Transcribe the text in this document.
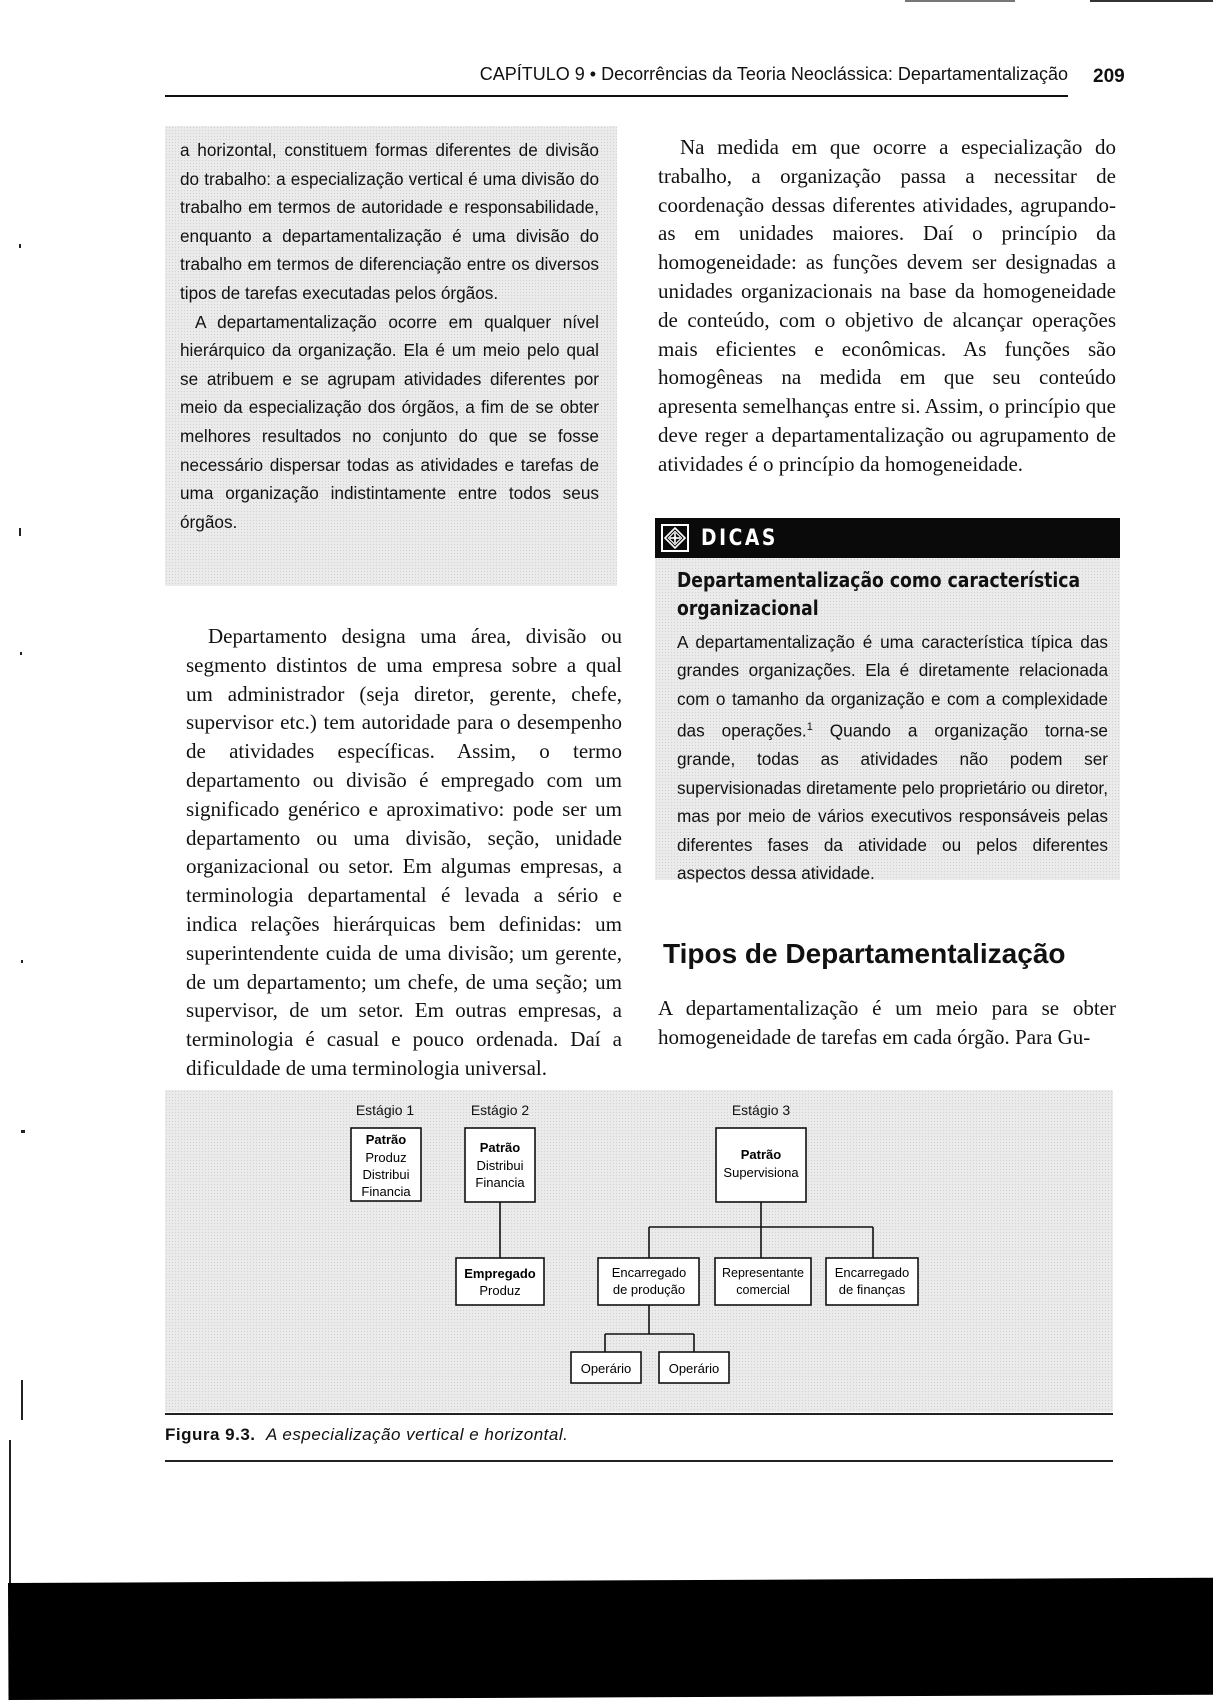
CAPÍTULO 9 • Decorrências da Teoria Neoclássica: Departamentalização 209

a horizontal, constituem formas diferentes de divisão do trabalho: a especialização vertical é uma divisão do trabalho em termos de autoridade e responsabilidade, enquanto a departamentalização é uma divisão do trabalho em termos de diferenciação entre os diversos tipos de tarefas executadas pelos órgãos.

A departamentalização ocorre em qualquer nível hierárquico da organização. Ela é um meio pelo qual se atribuem e se agrupam atividades diferentes por meio da especialização dos órgãos, a fim de se obter melhores resultados no conjunto do que se fosse necessário dispersar todas as atividades e tarefas de uma organização indistintamente entre todos seus órgãos.

Departamento designa uma área, divisão ou segmento distintos de uma empresa sobre a qual um administrador (seja diretor, gerente, chefe, supervisor etc.) tem autoridade para o desempenho de atividades específicas. Assim, o termo departamento ou divisão é empregado com um significado genérico e aproximativo: pode ser um departamento ou uma divisão, seção, unidade organizacional ou setor. Em algumas empresas, a terminologia departamental é levada a sério e indica relações hierárquicas bem definidas: um superintendente cuida de uma divisão; um gerente, de um departamento; um chefe, de uma seção; um supervisor, de um setor. Em outras empresas, a terminologia é casual e pouco ordenada. Daí a dificuldade de uma terminologia universal.

Na medida em que ocorre a especialização do trabalho, a organização passa a necessitar de coordenação dessas diferentes atividades, agrupando-as em unidades maiores. Daí o princípio da homogeneidade: as funções devem ser designadas a unidades organizacionais na base da homogeneidade de conteúdo, com o objetivo de alcançar operações mais eficientes e econômicas. As funções são homogêneas na medida em que seu conteúdo apresenta semelhanças entre si. Assim, o princípio que deve reger a departamentalização ou agrupamento de atividades é o princípio da homogeneidade.

DICAS
Departamentalização como característica organizacional

A departamentalização é uma característica típica das grandes organizações. Ela é diretamente relacionada com o tamanho da organização e com a complexidade das operações.$^1$ Quando a organização torna-se grande, todas as atividades não podem ser supervisionadas diretamente pelo proprietário ou diretor, mas por meio de vários executivos responsáveis pelas diferentes fases da atividade ou pelos diferentes aspectos dessa atividade.

Tipos de Departamentalização

A departamentalização é um meio para se obter homogeneidade de tarefas em cada órgão. Para Gu-

Estágio 1	Estágio 2	Estágio 3
Patrão
Produz
Distribui
Financia
Patrão
Distribui
Financia
Empregado
Produz
Patrão
Supervisiona
Encarregado
de produção
Representante
comercial
Encarregado
de finanças
Operário	Operário
Figura 9.3. A especialização vertical e horizontal.
